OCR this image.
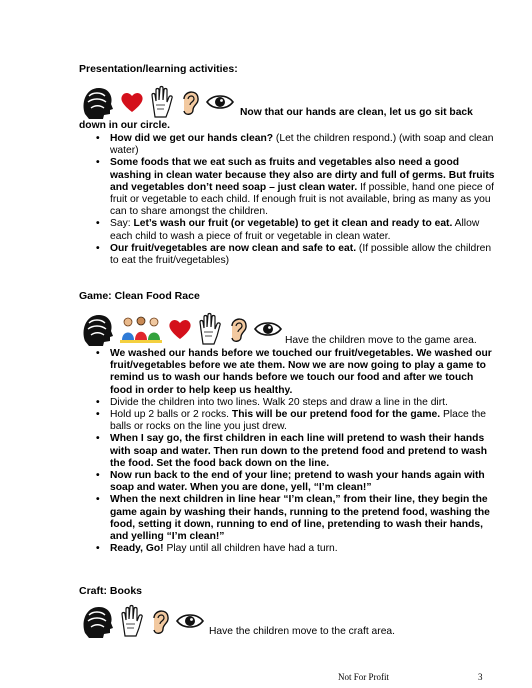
Presentation/learning activities:
Now that our hands are clean, let us go sit back
down in our circle.
• How did we get our hands clean? (Let the children respond.) (with soap and clean water)
• Some foods that we eat such as fruits and vegetables also need a good washing in clean water because they also are dirty and full of germs. But fruits and vegetables don’t need soap – just clean water. If possible, hand one piece of fruit or vegetable to each child. If enough fruit is not available, bring as many as you can to share amongst the children.
• Say: Let’s wash our fruit (or vegetable) to get it clean and ready to eat. Allow each child to wash a piece of fruit or vegetable in clean water.
• Our fruit/vegetables are now clean and safe to eat. (If possible allow the children to eat the fruit/vegetables)
Game: Clean Food Race
Have the children move to the game area.
• We washed our hands before we touched our fruit/vegetables. We washed our fruit/vegetables before we ate them. Now we are now going to play a game to remind us to wash our hands before we touch our food and after we touch food in order to help keep us healthy.
• Divide the children into two lines. Walk 20 steps and draw a line in the dirt.
• Hold up 2 balls or 2 rocks. This will be our pretend food for the game. Place the balls or rocks on the line you just drew.
• When I say go, the first children in each line will pretend to wash their hands with soap and water. Then run down to the pretend food and pretend to wash the food. Set the food back down on the line.
• Now run back to the end of your line; pretend to wash your hands again with soap and water. When you are done, yell, “I’m clean!”
• When the next children in line hear “I’m clean,” from their line, they begin the game again by washing their hands, running to the pretend food, washing the food, setting it down, running to end of line, pretending to wash their hands, and yelling “I’m clean!”
• Ready, Go! Play until all children have had a turn.
Craft: Books
Have the children move to the craft area.
Not For Profit	3
